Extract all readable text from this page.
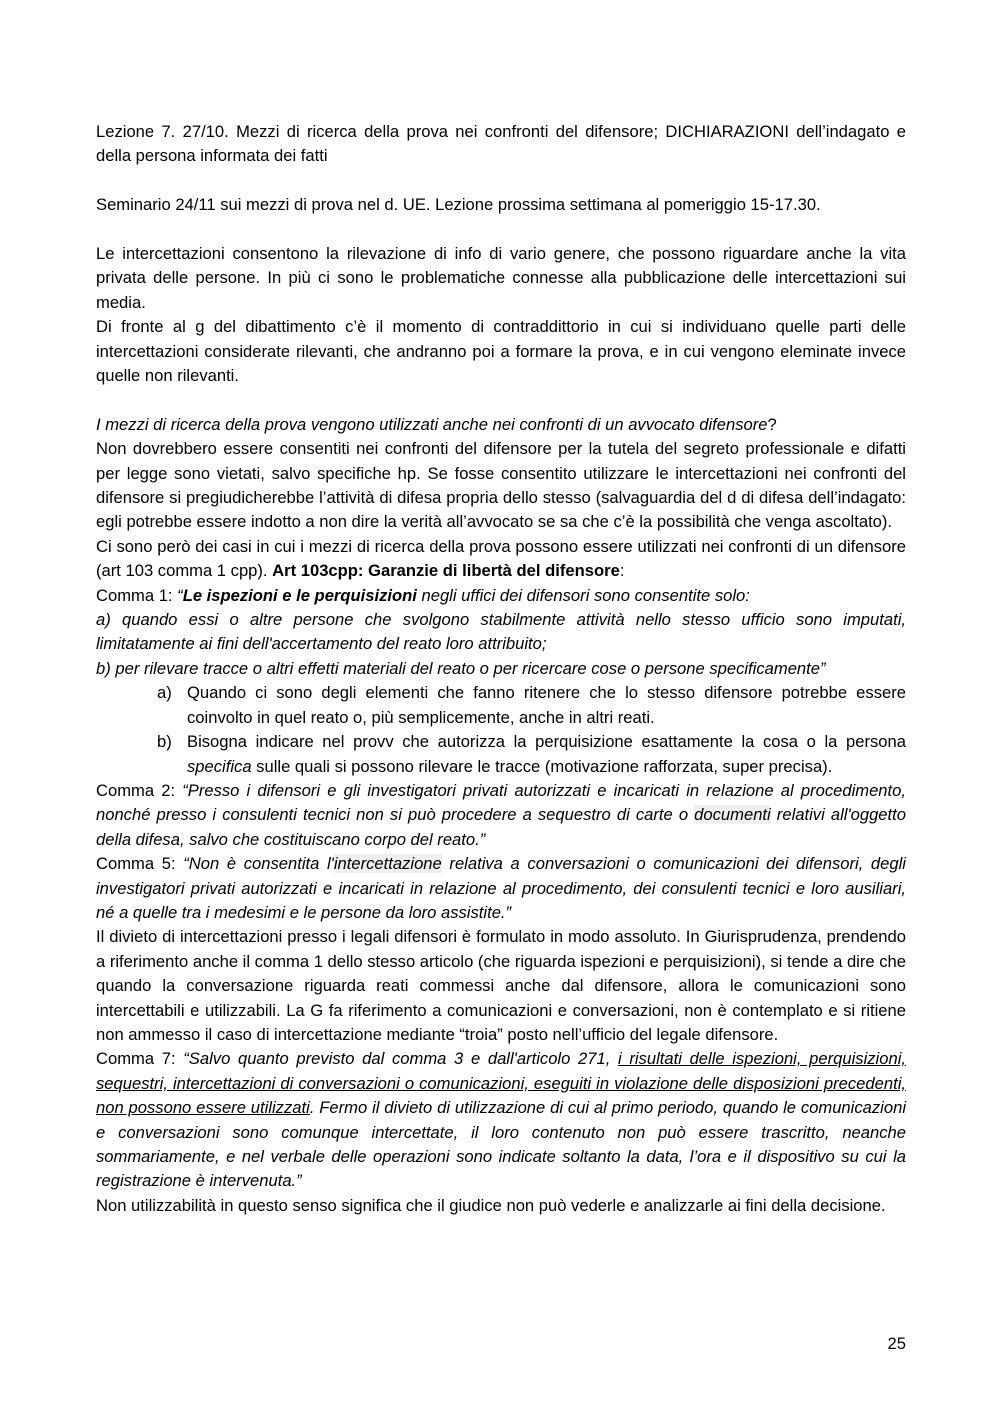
Lezione 7. 27/10. Mezzi di ricerca della prova nei confronti del difensore; DICHIARAZIONI dell’indagato e della persona informata dei fatti

Seminario 24/11 sui mezzi di prova nel d. UE. Lezione prossima settimana al pomeriggio 15-17.30.

Le intercettazioni consentono la rilevazione di info di vario genere, che possono riguardare anche la vita privata delle persone. In più ci sono le problematiche connesse alla pubblicazione delle intercettazioni sui media.

Di fronte al g del dibattimento c’è il momento di contraddittorio in cui si individuano quelle parti delle intercettazioni considerate rilevanti, che andranno poi a formare la prova, e in cui vengono eleminate invece quelle non rilevanti.

I mezzi di ricerca della prova vengono utilizzati anche nei confronti di un avvocato difensore?

Non dovrebbero essere consentiti nei confronti del difensore per la tutela del segreto professionale e difatti per legge sono vietati, salvo specifiche hp. Se fosse consentito utilizzare le intercettazioni nei confronti del difensore si pregiudicherebbe l’attività di difesa propria dello stesso (salvaguardia del d di difesa dell’indagato: egli potrebbe essere indotto a non dire la verità all’avvocato se sa che c’è la possibilità che venga ascoltato).

Ci sono però dei casi in cui i mezzi di ricerca della prova possono essere utilizzati nei confronti di un difensore (art 103 comma 1 cpp). Art 103cpp: Garanzie di libertà del difensore:

Comma 1: “Le ispezioni e le perquisizioni negli uffici dei difensori sono consentite solo:

a) quando essi o altre persone che svolgono stabilmente attività nello stesso ufficio sono imputati, limitatamente ai fini dell'accertamento del reato loro attribuito;

b) per rilevare tracce o altri effetti materiali del reato o per ricercare cose o persone specificamente”

a) Quando ci sono degli elementi che fanno ritenere che lo stesso difensore potrebbe essere coinvolto in quel reato o, più semplicemente, anche in altri reati.
b) Bisogna indicare nel provv che autorizza la perquisizione esattamente la cosa o la persona specifica sulle quali si possono rilevare le tracce (motivazione rafforzata, super precisa).

Comma 2: “Presso i difensori e gli investigatori privati autorizzati e incaricati in relazione al procedimento, nonché presso i consulenti tecnici non si può procedere a sequestro di carte o documenti relativi all'oggetto della difesa, salvo che costituiscano corpo del reato.”

Comma 5: “Non è consentita l'intercettazione relativa a conversazioni o comunicazioni dei difensori, degli investigatori privati autorizzati e incaricati in relazione al procedimento, dei consulenti tecnici e loro ausiliari, né a quelle tra i medesimi e le persone da loro assistite.”

Il divieto di intercettazioni presso i legali difensori è formulato in modo assoluto. In Giurisprudenza, prendendo a riferimento anche il comma 1 dello stesso articolo (che riguarda ispezioni e perquisizioni), si tende a dire che quando la conversazione riguarda reati commessi anche dal difensore, allora le comunicazioni sono intercettabili e utilizzabili. La G fa riferimento a comunicazioni e conversazioni, non è contemplato e si ritiene non ammesso il caso di intercettazione mediante “troia” posto nell’ufficio del legale difensore.

Comma 7: “Salvo quanto previsto dal comma 3 e dall'articolo 271, i risultati delle ispezioni, perquisizioni, sequestri, intercettazioni di conversazioni o comunicazioni, eseguiti in violazione delle disposizioni precedenti, non possono essere utilizzati. Fermo il divieto di utilizzazione di cui al primo periodo, quando le comunicazioni e conversazioni sono comunque intercettate, il loro contenuto non può essere trascritto, neanche sommariamente, e nel verbale delle operazioni sono indicate soltanto la data, l’ora e il dispositivo su cui la registrazione è intervenuta.”

Non utilizzabilità in questo senso significa che il giudice non può vederle e analizzarle ai fini della decisione.

25
